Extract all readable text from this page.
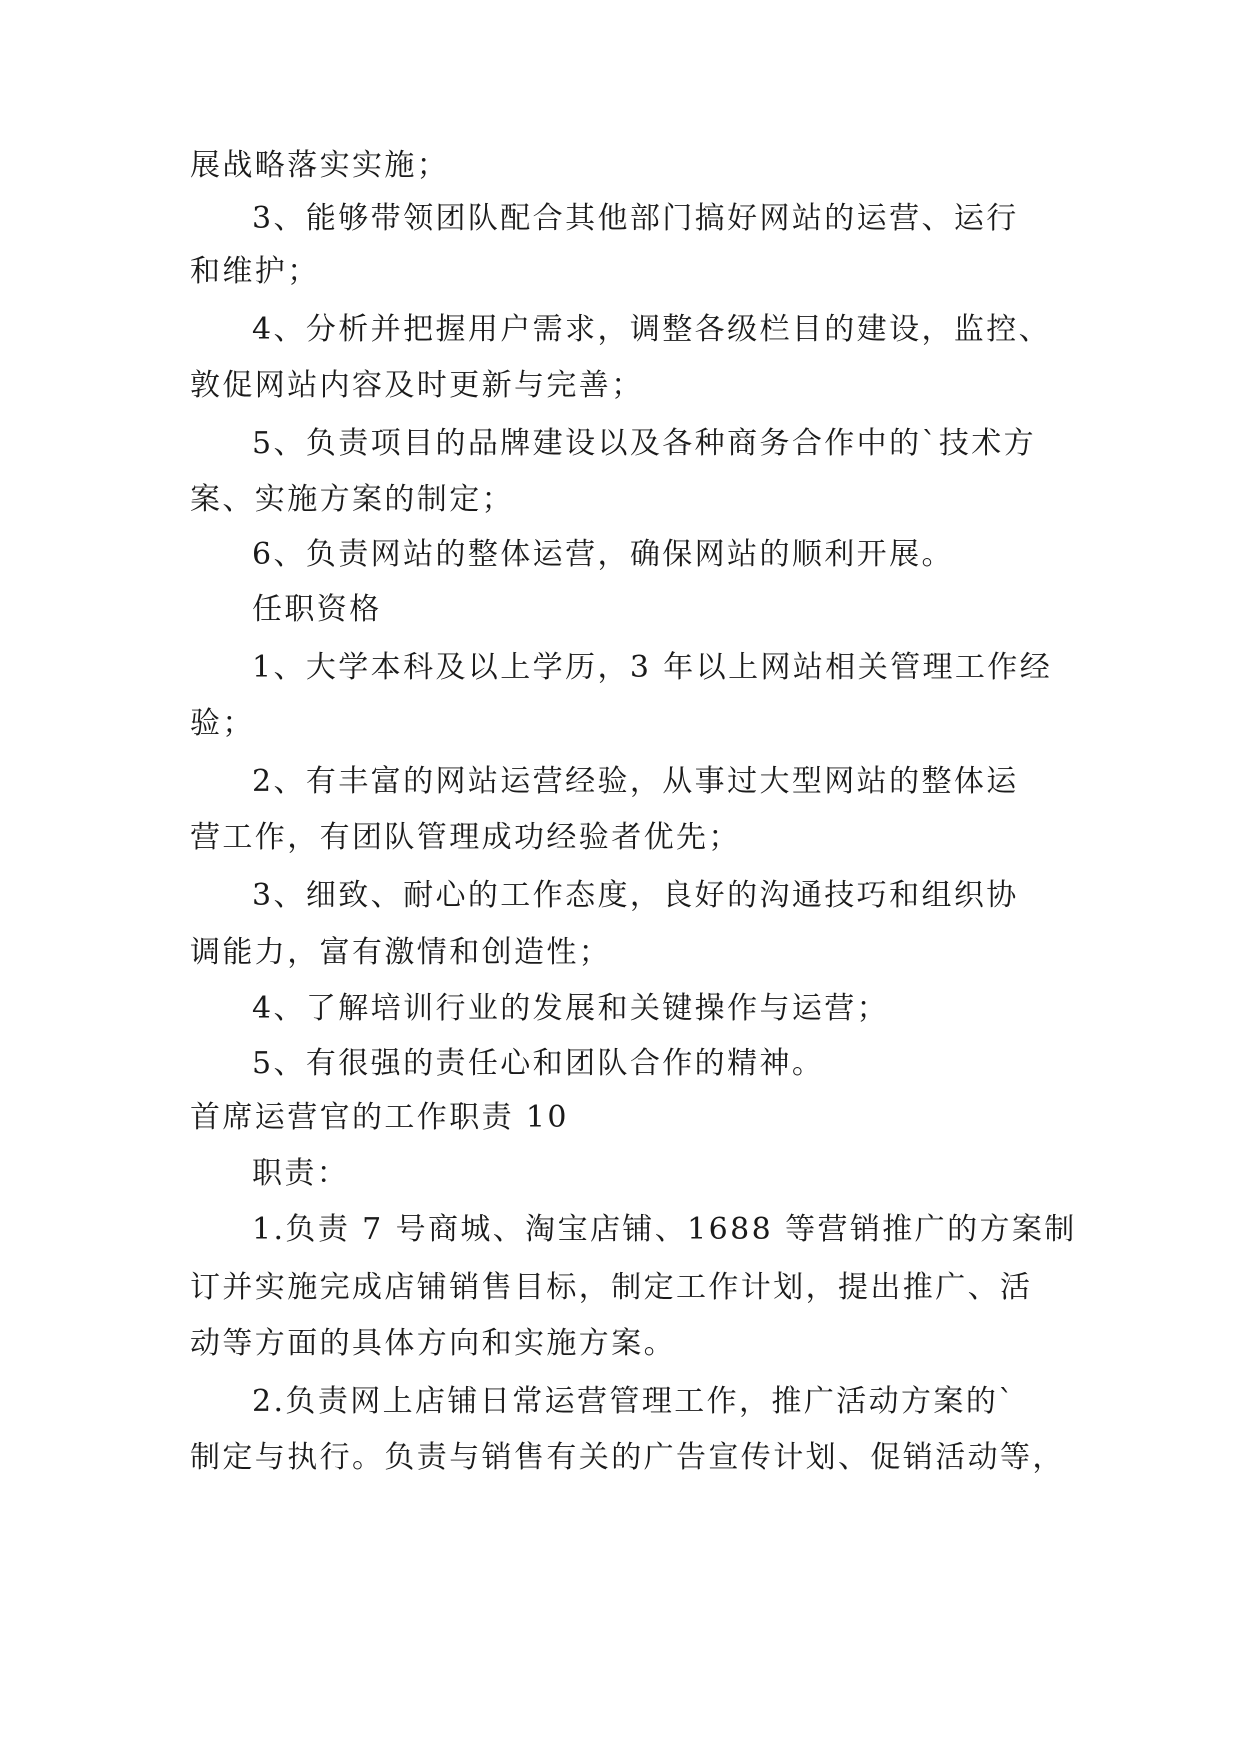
展战略落实实施；
3、能够带领团队配合其他部门搞好网站的运营、运行
和维护；
4、分析并把握用户需求，调整各级栏目的建设，监控、
敦促网站内容及时更新与完善；
5、负责项目的品牌建设以及各种商务合作中的`技术方
案、实施方案的制定；
6、负责网站的整体运营，确保网站的顺利开展。
任职资格
1、大学本科及以上学历，3 年以上网站相关管理工作经
验；
2、有丰富的网站运营经验，从事过大型网站的整体运
营工作，有团队管理成功经验者优先；
3、细致、耐心的工作态度，良好的沟通技巧和组织协
调能力，富有激情和创造性；
4、了解培训行业的发展和关键操作与运营；
5、有很强的责任心和团队合作的精神。
首席运营官的工作职责 10
职责：
1.负责 7 号商城、淘宝店铺、1688 等营销推广的方案制
订并实施完成店铺销售目标，制定工作计划，提出推广、活
动等方面的具体方向和实施方案。
2.负责网上店铺日常运营管理工作，推广活动方案的`
制定与执行。负责与销售有关的广告宣传计划、促销活动等，
